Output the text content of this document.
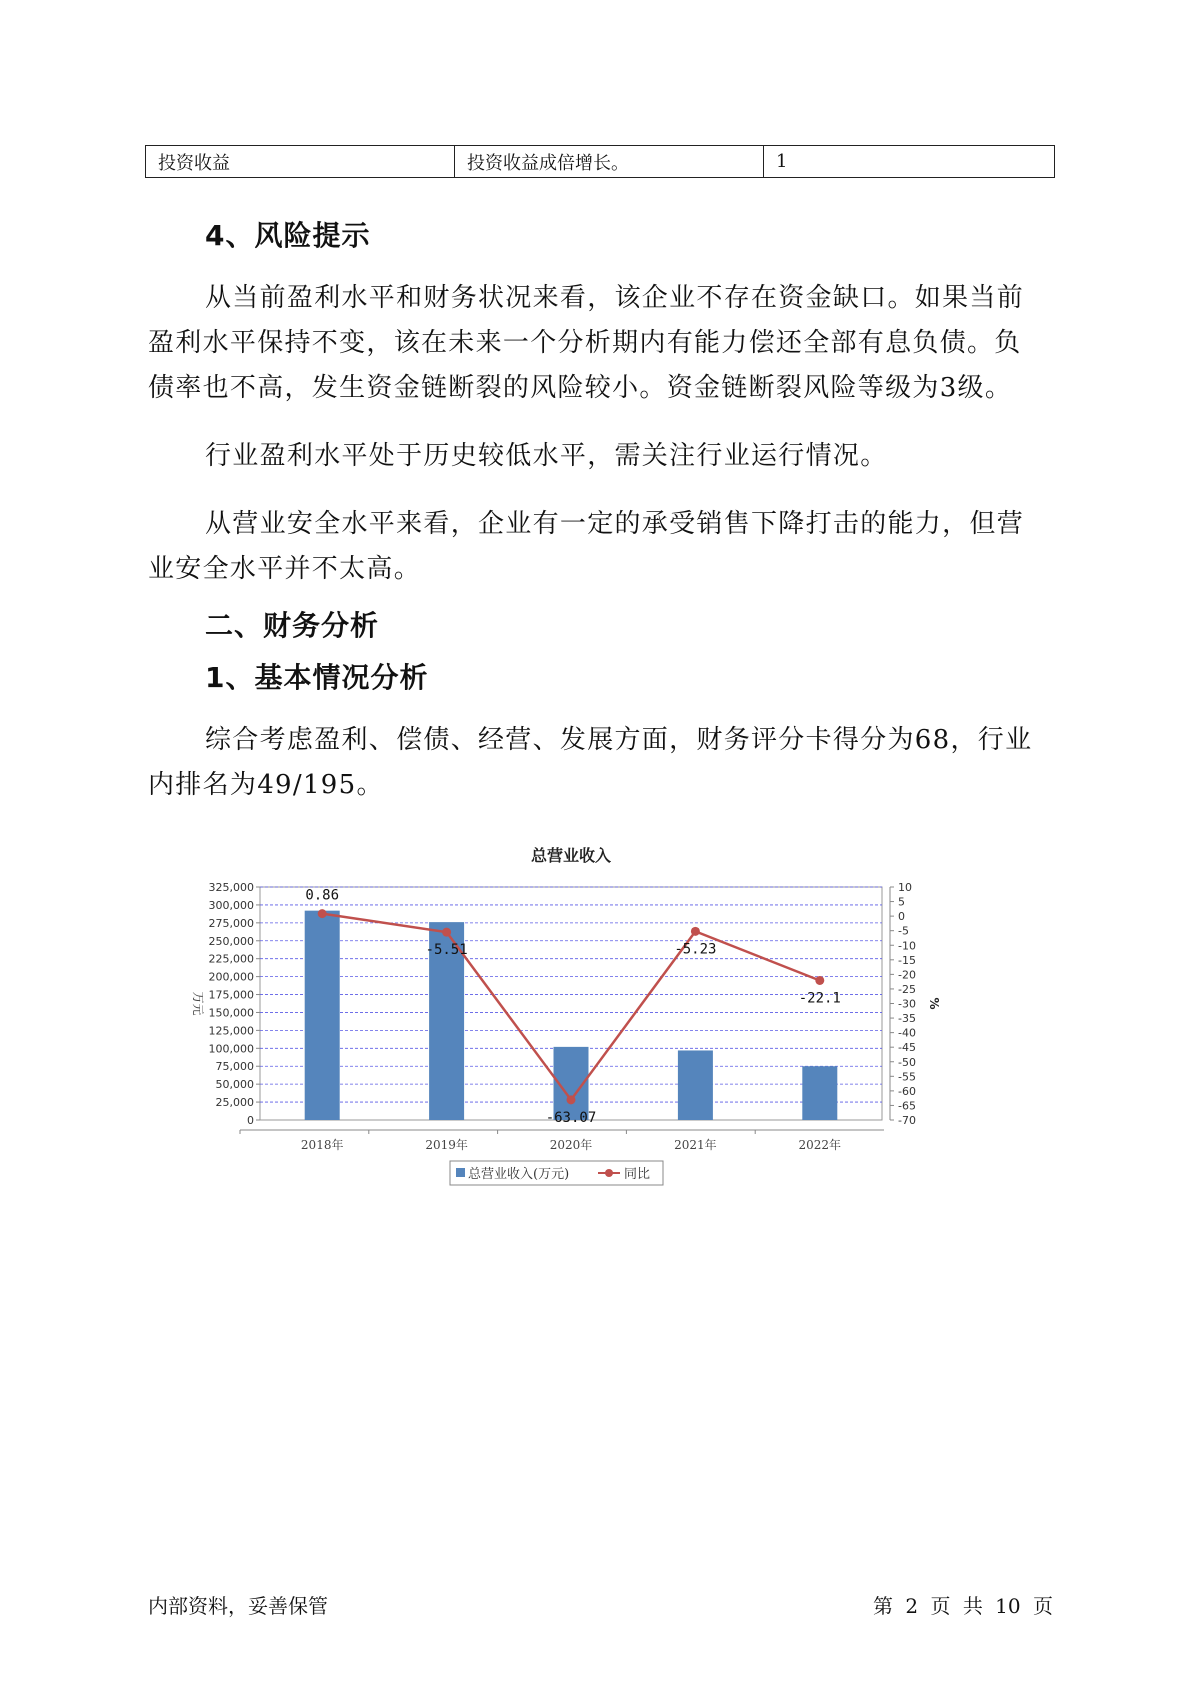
投资收益	投资收益成倍增长。	1
4、风险提示

从当前盈利水平和财务状况来看，该企业不存在资金缺口。如果当前盈利水平保持不变，该在未来一个分析期内有能力偿还全部有息负债。负债率也不高，发生资金链断裂的风险较小。资金链断裂风险等级为3级。

行业盈利水平处于历史较低水平，需关注行业运行情况。

从营业安全水平来看，企业有一定的承受销售下降打击的能力，但营业安全水平并不太高。

二、财务分析
1、基本情况分析

综合考虑盈利、偿债、经营、发展方面，财务评分卡得分为68，行业内排名为49/195。

总营业收入
0
25,000
50,000
75,000
100,000
125,000
150,000
175,000
200,000
225,000
250,000
275,000
300,000
325,000
-70
-65
-60
-55
-50
-45
-40
-35
-30
-25
-20
-15
-10
-5
0
5
10
万元	%
2018年	2019年	2020年	2021年	2022年
0.86
-5.51
-63.07
-5.23
-22.1
总营业收入(万元)	同比
内部资料，妥善保管	第 2 页 共 10 页
